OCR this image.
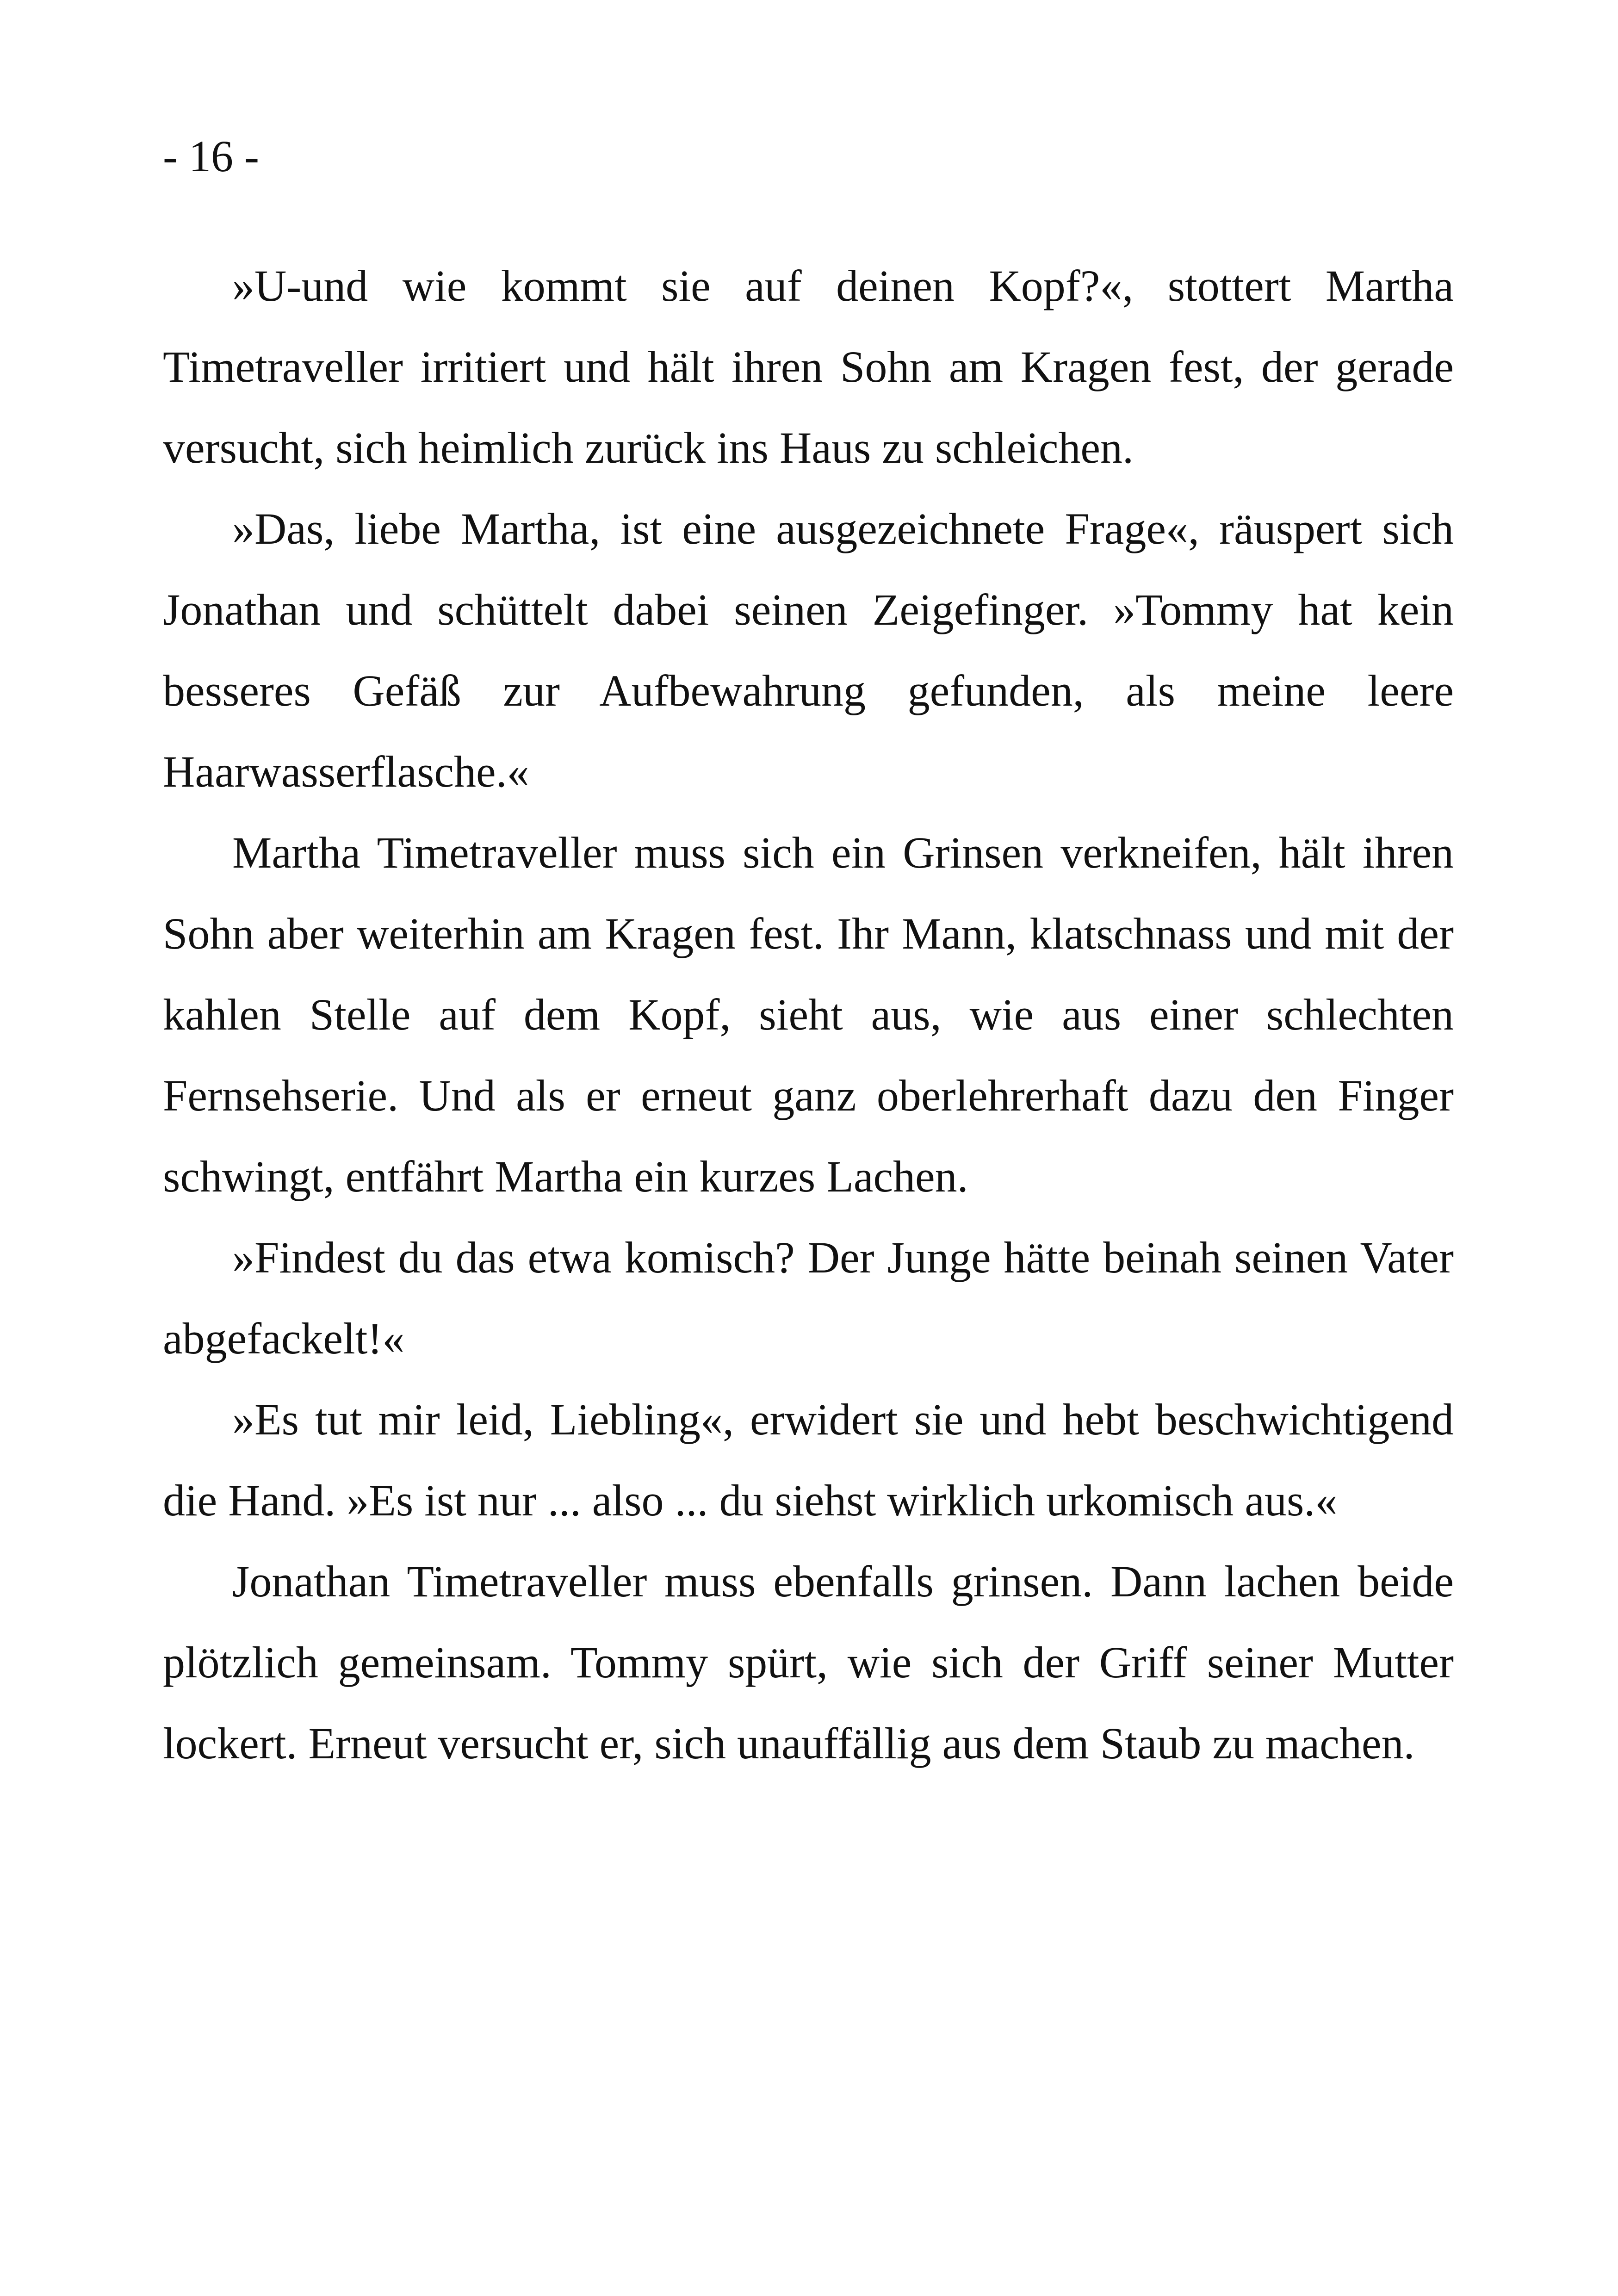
- 16 -

»U-und wie kommt sie auf deinen Kopf?«, stottert Martha Timetraveller irritiert und hält ihren Sohn am Kragen fest, der gerade versucht, sich heimlich zurück ins Haus zu schleichen.

»Das, liebe Martha, ist eine ausgezeichnete Frage«, räuspert sich Jonathan und schüttelt dabei seinen Zeigefinger. »Tommy hat kein besseres Gefäß zur Aufbewahrung gefunden, als meine leere Haarwasserflasche.«

Martha Timetraveller muss sich ein Grinsen verkneifen, hält ihren Sohn aber weiterhin am Kragen fest. Ihr Mann, klatschnass und mit der kahlen Stelle auf dem Kopf, sieht aus, wie aus einer schlechten Fernsehserie. Und als er erneut ganz oberlehrerhaft dazu den Finger schwingt, entfährt Martha ein kurzes Lachen.

»Findest du das etwa komisch? Der Junge hätte beinah seinen Vater abgefackelt!«

»Es tut mir leid, Liebling«, erwidert sie und hebt beschwichtigend die Hand. »Es ist nur ... also ... du siehst wirklich urkomisch aus.«

Jonathan Timetraveller muss ebenfalls grinsen. Dann lachen beide plötzlich gemeinsam. Tommy spürt, wie sich der Griff seiner Mutter lockert. Erneut versucht er, sich unauffällig aus dem Staub zu machen.
